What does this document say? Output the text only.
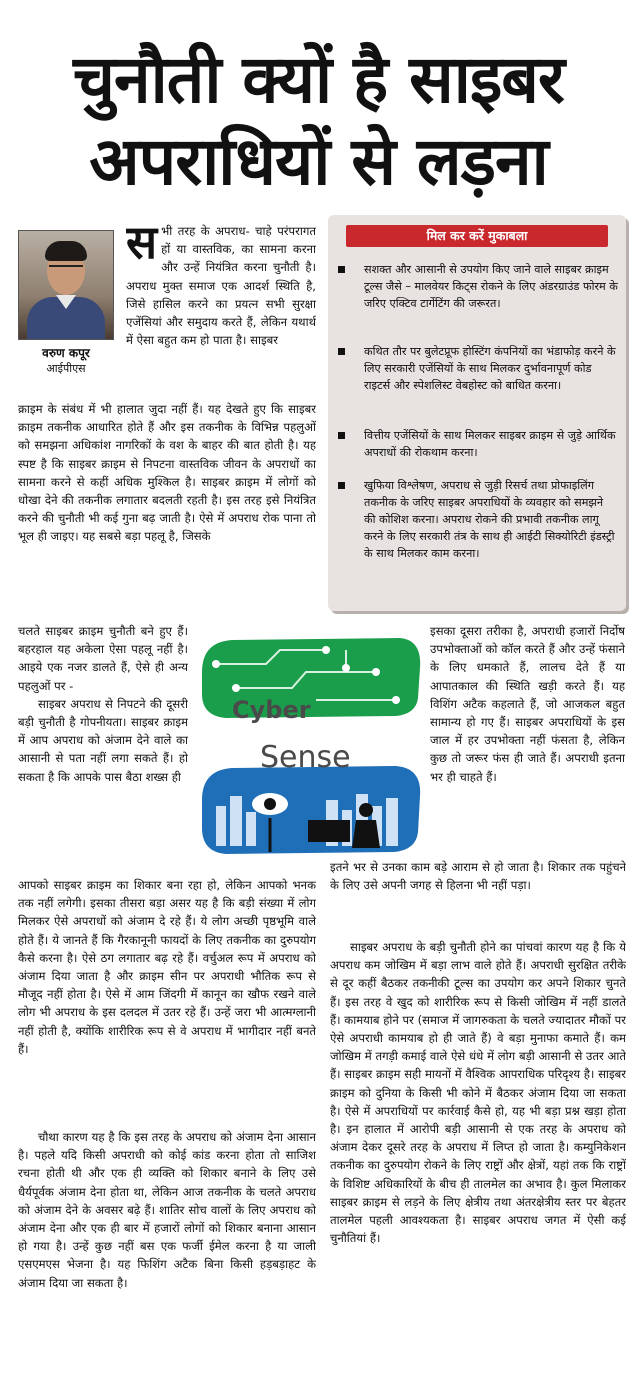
चुनौती क्यों है साइबर
अपराधियों से लड़ना
वरुण कपूर
आईपीएस
सभी तरह के अपराध- चाहे परंपरागत हों या वास्तविक, का सामना करना और उन्हें नियंत्रित करना चुनौती है। अपराध मुक्त समाज एक आदर्श स्थिति है, जिसे हासिल करने का प्रयत्न सभी सुरक्षा एजेंसियां और समुदाय करते हैं, लेकिन यथार्थ में ऐसा बहुत कम हो पाता है। साइबर
क्राइम के संबंध में भी हालात जुदा नहीं हैं। यह देखते हुए कि साइबर क्राइम तकनीक आधारित होते हैं और इस तकनीक के विभिन्न पहलुओं को समझना अधिकांश नागरिकों के वश के बाहर की बात होती है। यह स्पष्ट है कि साइबर क्राइम से निपटना वास्तविक जीवन के अपराधों का सामना करने से कहीं अधिक मुश्किल है। साइबर क्राइम में लोगों को धोखा देने की तकनीक लगातार बदलती रहती है। इस तरह इसे नियंत्रित करने की चुनौती भी कई गुना बढ़ जाती है। ऐसे में अपराध रोक पाना तो भूल ही जाइए। यह सबसे बड़ा पहलू है, जिसके
चलते साइबर क्राइम चुनौती बने हुए हैं। बहरहाल यह अकेला ऐसा पहलू नहीं है। आइये एक नजर डालते हैं, ऐसे ही अन्य पहलुओं पर -
साइबर अपराध से निपटने की दूसरी बड़ी चुनौती है गोपनीयता। साइबर क्राइम में आप अपराध को अंजाम देने वाले का आसानी से पता नहीं लगा सकते हैं। हो सकता है कि आपके पास बैठा शख्स ही
आपको साइबर क्राइम का शिकार बना रहा हो, लेकिन आपको भनक तक नहीं लगेगी। इसका तीसरा बड़ा असर यह है कि बड़ी संख्या में लोग मिलकर ऐसे अपराधों को अंजाम दे रहे हैं। ये लोग अच्छी पृष्ठभूमि वाले होते हैं। ये जानते हैं कि गैरकानूनी फायदों के लिए तकनीक का दुरुपयोग कैसे करना है। ऐसे ठग लगातार बढ़ रहे हैं। वर्चुअल रूप में अपराध को अंजाम दिया जाता है और क्राइम सीन पर अपराधी भौतिक रूप से मौजूद नहीं होता है। ऐसे में आम जिंदगी में कानून का खौफ रखने वाले लोग भी अपराध के इस दलदल में उतर रहे हैं। उन्हें जरा भी आत्मग्लानी नहीं होती है, क्योंकि शारीरिक रूप से वे अपराध में भागीदार नहीं बनते हैं।
चौथा कारण यह है कि इस तरह के अपराध को अंजाम देना आसान है। पहले यदि किसी अपराधी को कोई कांड करना होता तो साजिश रचना होती थी और एक ही व्यक्ति को शिकार बनाने के लिए उसे धैर्यपूर्वक अंजाम देना होता था, लेकिन आज तकनीक के चलते अपराध को अंजाम देने के अवसर बढ़े हैं। शातिर सोच वालों के लिए अपराध को अंजाम देना और एक ही बार में हजारों लोगों को शिकार बनाना आसान हो गया है। उन्हें कुछ नहीं बस एक फर्जी ईमेल करना है या जाली एसएमएस भेजना है। यह फिशिंग अटैक बिना किसी हड़बड़ाहट के अंजाम दिया जा सकता है।
इसका दूसरा तरीका है, अपराधी हजारों निर्दोष उपभोक्ताओं को कॉल करते हैं और उन्हें फंसाने के लिए धमकाते हैं, लालच देते हैं या आपातकाल की स्थिति खड़ी करते हैं। यह विशिंग अटैक कहलाते हैं, जो आजकल बहुत सामान्य हो गए हैं। साइबर अपराधियों के इस जाल में हर उपभोक्ता नहीं फंसता है, लेकिन कुछ तो जरूर फंस ही जाते हैं। अपराधी इतना भर ही चाहते हैं।
इतने भर से उनका काम बड़े आराम से हो जाता है। शिकार तक पहुंचने के लिए उसे अपनी जगह से हिलना भी नहीं पड़ा।
साइबर अपराध के बड़ी चुनौती होने का पांचवां कारण यह है कि ये अपराध कम जोखिम में बड़ा लाभ वाले होते हैं। अपराधी सुरक्षित तरीके से दूर कहीं बैठकर तकनीकी टूल्स का उपयोग कर अपने शिकार चुनते हैं। इस तरह वे खुद को शारीरिक रूप से किसी जोखिम में नहीं डालते हैं। कामयाब होने पर (समाज में जागरुकता के चलते ज्यादातर मौकों पर ऐसे अपराधी कामयाब हो ही जाते हैं) वे बड़ा मुनाफा कमाते हैं। कम जोखिम में तगड़ी कमाई वाले ऐसे धंधे में लोग बड़ी आसानी से उतर आते हैं। साइबर क्राइम सही मायनों में वैश्विक आपराधिक परिदृश्य है। साइबर क्राइम को दुनिया के किसी भी कोने में बैठकर अंजाम दिया जा सकता है। ऐसे में अपराधियों पर कार्रवाई कैसे हो, यह भी बड़ा प्रश्न खड़ा होता है। इन हालात में आरोपी बड़ी आसानी से एक तरह के अपराध को अंजाम देकर दूसरे तरह के अपराध में लिप्त हो जाता है। कम्युनिकेशन तकनीक का दुरुपयोग रोकने के लिए राष्ट्रों और क्षेत्रों, यहां तक कि राष्ट्रों के विशिष्ट अधिकारियों के बीच ही तालमेल का अभाव है। कुल मिलाकर साइबर क्राइम से लड़ने के लिए क्षेत्रीय तथा अंतरक्षेत्रीय स्तर पर बेहतर तालमेल पहली आवश्यकता है। साइबर अपराध जगत में ऐसी कई चुनौतियां हैं।
मिल कर करें मुकाबला
सशक्त और आसानी से उपयोग किए जाने वाले साइबर क्राइम टूल्स जैसे – मालवेयर किट्स रोकने के लिए अंडरग्राउंड फोरम के जरिए एक्टिव टार्गेटिंग की जरूरत।
कथित तौर पर बुलेटप्रूफ होस्टिंग कंपनियों का भंडाफोड़ करने के लिए सरकारी एजेंसियों के साथ मिलकर दुर्भावनापूर्ण कोड राइटर्स और स्पेशलिस्ट वेबहोस्ट को बाधित करना।
वित्तीय एजेंसियों के साथ मिलकर साइबर क्राइम से जुड़े आर्थिक अपराधों की रोकथाम करना।
खुफिया विश्लेषण, अपराध से जुड़ी रिसर्च तथा प्रोफाइलिंग तकनीक के जरिए साइबर अपराधियों के व्यवहार को समझने की कोशिश करना। अपराध रोकने की प्रभावी तकनीक लागू करने के लिए सरकारी तंत्र के साथ ही आईटी सिक्योरिटी इंडस्ट्री के साथ मिलकर काम करना।
Cyber
Sense
